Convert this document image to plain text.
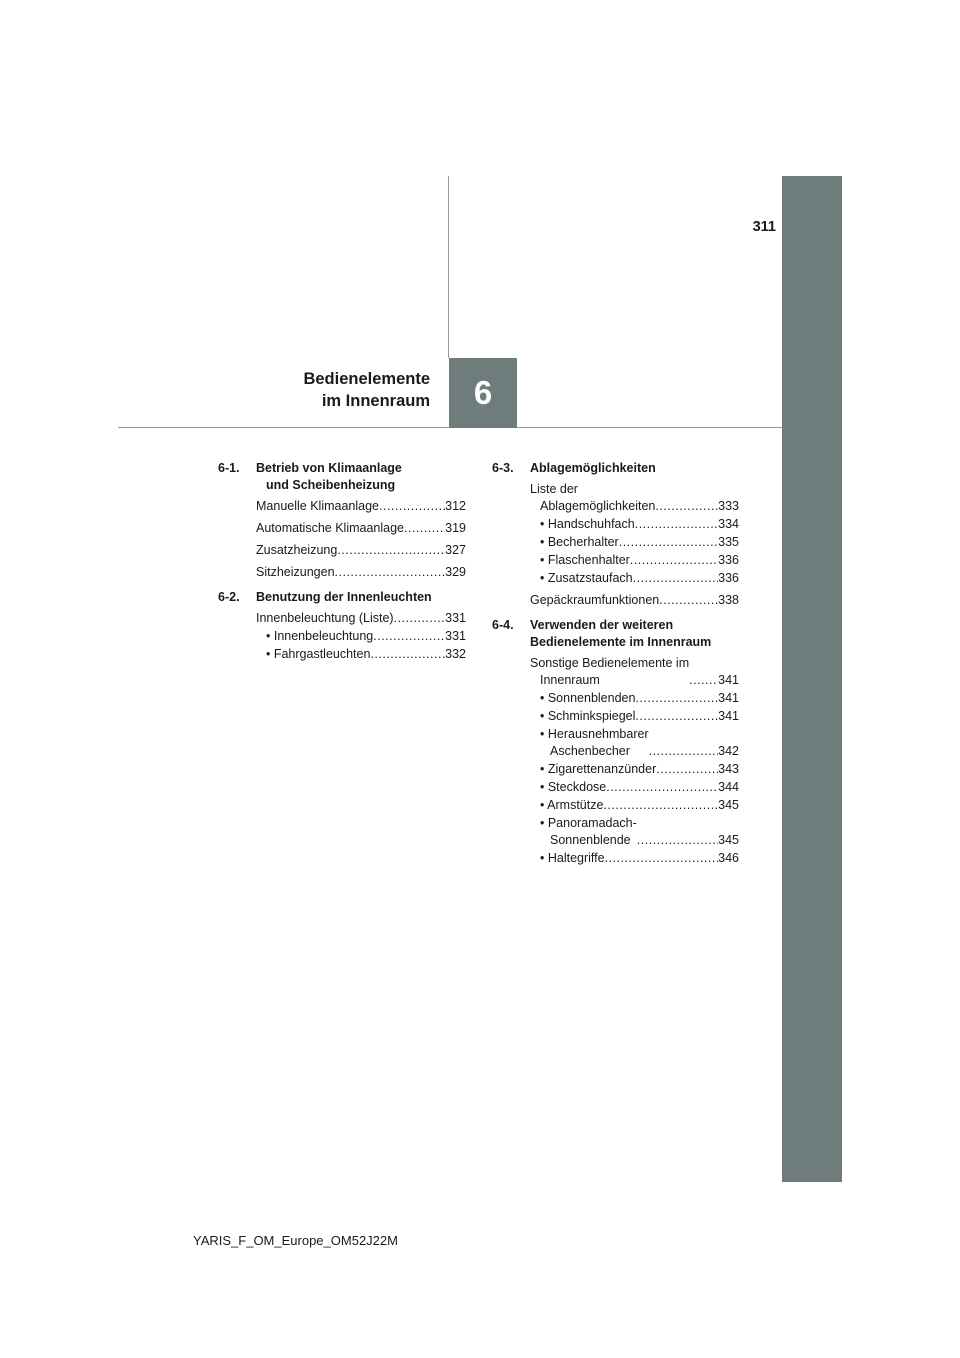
311
6
Bedienelemente
im Innenraum
6-1.	Betrieb von Klimaanlage
und Scheibenheizung
Manuelle Klimaanlage .....	312
Automatische Klimaanlage .....	319
Zusatzheizung .....	327
Sitzheizungen .....	329
6-2.	Benutzung der Innenleuchten
Innenbeleuchtung (Liste) .....	331
• Innenbeleuchtung .....	331
• Fahrgastleuchten .....	332
6-3.	Ablagemöglichkeiten
Liste der
Ablagemöglichkeiten .....	333
• Handschuhfach .....	334
• Becherhalter .....	335
• Flaschenhalter .....	336
• Zusatzstaufach .....	336
Gepäckraumfunktionen .....	338
6-4.	Verwenden der weiteren
Bedienelemente im Innenraum
Sonstige Bedienelemente im
Innenraum .....	341
• Sonnenblenden .....	341
• Schminkspiegel .....	341
• Herausnehmbarer
Aschenbecher .....	342
• Zigarettenanzünder .....	343
• Steckdose .....	344
• Armstütze .....	345
• Panoramadach-
Sonnenblende .....	345
• Haltegriffe .....	346
YARIS_F_OM_Europe_OM52J22M
